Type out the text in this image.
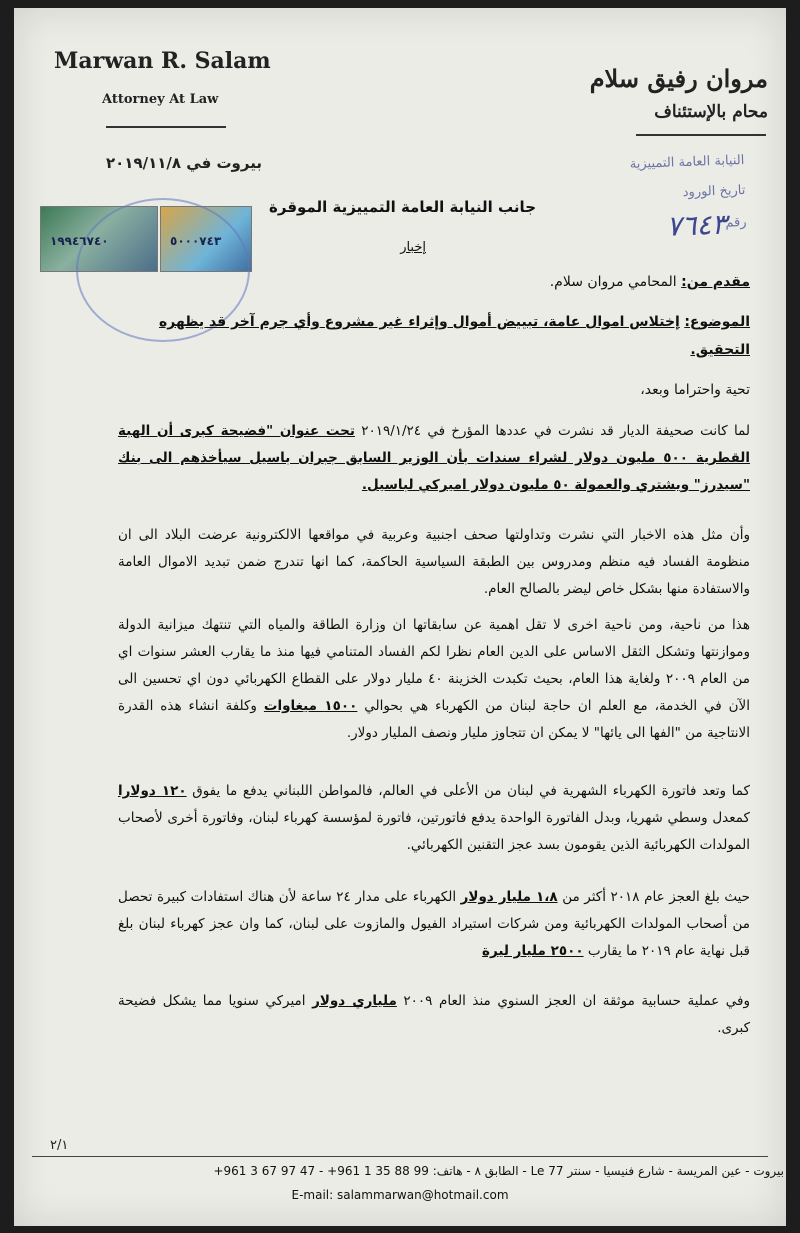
Marwan R. Salam
Attorney At Law
مروان رفيق سلام
محام بالإستئناف
بيروت في ٢٠١٩/١١/٨	النيابة العامة التمييزية
تاريخ الورود
رقم
٧٦٤٣
١٩٩٤٦٧٤٠	٥٠٠٠٧٤٣
جانب النيابة العامة التمييزية الموقرة
إخبار
مقدم من: المحامي مروان سلام.
الموضوع: إختلاس اموال عامة، تبييض أموال وإثراء غير مشروع وأي جرم آخر قد يظهره
التحقيق.
تحية واحتراما وبعد،
لما كانت صحيفة الديار قد نشرت في عددها المؤرخ في ٢٠١٩/١/٢٤ تحت عنوان "فضيحة كبرى أن الهبة القطرية ٥٠٠ مليون دولار لشراء سندات بأن الوزير السابق جبران باسيل سيأخذهم الى بنك "سيدرز" ويشتري والعمولة ٥٠ مليون دولار اميركي لباسيل.
وأن مثل هذه الاخبار التي نشرت وتداولتها صحف اجنبية وعربية في مواقعها الالكترونية عرضت البلاد الى ان منظومة الفساد فيه منظم ومدروس بين الطبقة السياسية الحاكمة، كما انها تندرج ضمن تبديد الاموال العامة والاستفادة منها بشكل خاص ليضر بالصالح العام.
هذا من ناحية، ومن ناحية اخرى لا تقل اهمية عن سابقاتها ان وزارة الطاقة والمياه التي تنتهك ميزانية الدولة وموازنتها وتشكل الثقل الاساس على الدين العام نظرا لكم الفساد المتنامي فيها منذ ما يقارب العشر سنوات اي من العام ٢٠٠٩ ولغاية هذا العام، بحيث تكبدت الخزينة ٤٠ مليار دولار على القطاع الكهربائي دون اي تحسين الى الآن في الخدمة، مع العلم ان حاجة لبنان من الكهرباء هي بحوالي ١٥٠٠ ميغاوات وكلفة انشاء هذه القدرة الانتاجية من "الفها الى يائها" لا يمكن ان تتجاوز مليار ونصف المليار دولار.
كما وتعد فاتورة الكهرباء الشهرية في لبنان من الأعلى في العالم، فالمواطن اللبناني يدفع ما يفوق ١٢٠ دولارا كمعدل وسطي شهريا، وبدل الفاتورة الواحدة يدفع فاتورتين، فاتورة لمؤسسة كهرباء لبنان، وفاتورة أخرى لأصحاب المولدات الكهربائية الذين يقومون بسد عجز التقنين الكهربائي.
حيث بلغ العجز عام ٢٠١٨ أكثر من ١،٨ مليار دولار الكهرباء على مدار ٢٤ ساعة لأن هناك استفادات كبيرة تحصل من أصحاب المولدات الكهربائية ومن شركات استيراد الفيول والمازوت على لبنان، كما وان عجز كهرباء لبنان بلغ قبل نهاية عام ٢٠١٩ ما يقارب ٢٥٠٠ مليار ليرة
وفي عملية حسابية موثقة ان العجز السنوي منذ العام ٢٠٠٩ ملياري دولار اميركي سنويا مما يشكل فضيحة كبرى.
٢/١
بيروت - عين المريسة - شارع فنيسيا - سنتر Le 77 - الطابق ٨ - هاتف: 99 88 35 1 961+ - 47 97 67 3 961+
E-mail: salammarwan@hotmail.com
